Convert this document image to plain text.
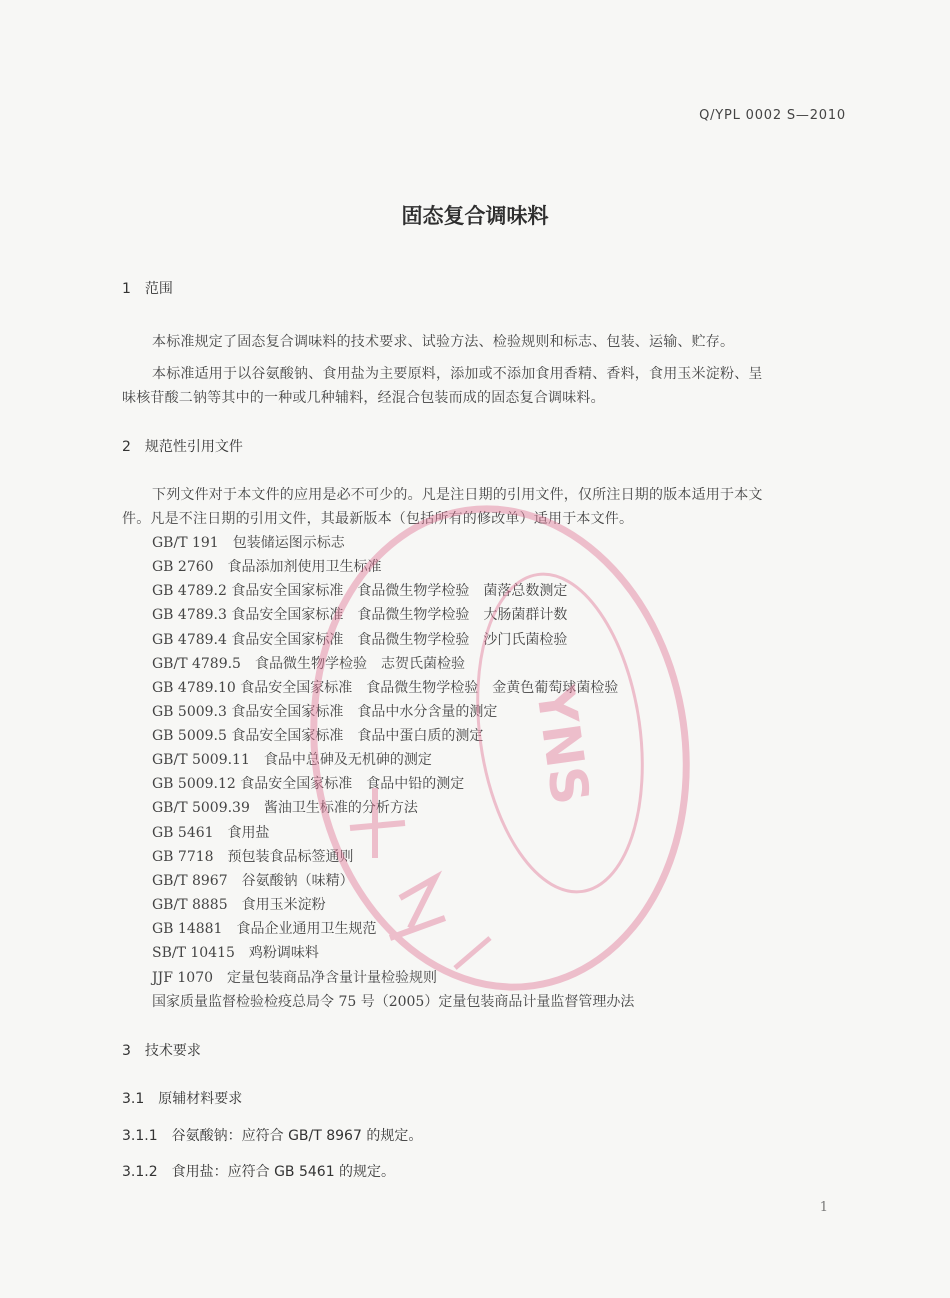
Q/YPL 0002 S—2010
固态复合调味料
1　范围
本标准规定了固态复合调味料的技术要求、试验方法、检验规则和标志、包装、运输、贮存。
本标准适用于以谷氨酸钠、食用盐为主要原料，添加或不添加食用香精、香料，食用玉米淀粉、呈
味核苷酸二钠等其中的一种或几种辅料，经混合包装而成的固态复合调味料。
2　规范性引用文件
下列文件对于本文件的应用是必不可少的。凡是注日期的引用文件，仅所注日期的版本适用于本文
件。凡是不注日期的引用文件，其最新版本（包括所有的修改单）适用于本文件。
GB/T 191　包装储运图示标志
GB 2760　食品添加剂使用卫生标准
GB 4789.2 食品安全国家标准　食品微生物学检验　菌落总数测定
GB 4789.3 食品安全国家标准　食品微生物学检验　大肠菌群计数
GB 4789.4 食品安全国家标准　食品微生物学检验　沙门氏菌检验
GB/T 4789.5　食品微生物学检验　志贺氏菌检验
GB 4789.10 食品安全国家标准　食品微生物学检验　金黄色葡萄球菌检验
GB 5009.3 食品安全国家标准　食品中水分含量的测定
GB 5009.5 食品安全国家标准　食品中蛋白质的测定
GB/T 5009.11　食品中总砷及无机砷的测定
GB 5009.12 食品安全国家标准　食品中铅的测定
GB/T 5009.39　酱油卫生标准的分析方法
GB 5461　食用盐
GB 7718　预包装食品标签通则
GB/T 8967　谷氨酸钠（味精）
GB/T 8885　食用玉米淀粉
GB 14881　食品企业通用卫生规范
SB/T 10415　鸡粉调味料
JJF 1070　定量包装商品净含量计量检验规则
国家质量监督检验检疫总局令 75 号（2005）定量包装商品计量监督管理办法
3　技术要求
3.1　原辅材料要求
3.1.1　谷氨酸钠：应符合 GB/T 8967 的规定。
3.1.2　食用盐：应符合 GB 5461 的规定。
YNS
1
